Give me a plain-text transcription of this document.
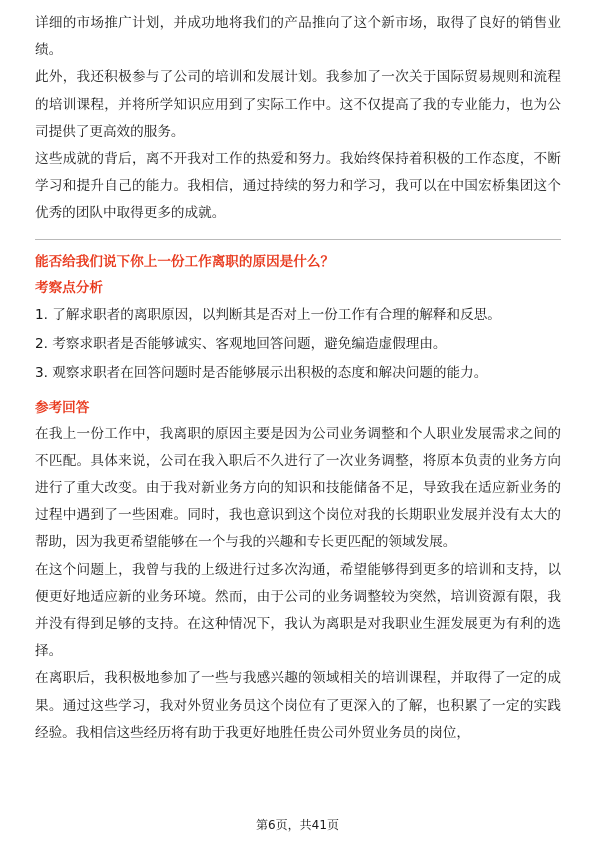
详细的市场推广计划，并成功地将我们的产品推向了这个新市场，取得了良好的销售业绩。

此外，我还积极参与了公司的培训和发展计划。我参加了一次关于国际贸易规则和流程的培训课程，并将所学知识应用到了实际工作中。这不仅提高了我的专业能力，也为公司提供了更高效的服务。

这些成就的背后，离不开我对工作的热爱和努力。我始终保持着积极的工作态度，不断学习和提升自己的能力。我相信，通过持续的努力和学习，我可以在中国宏桥集团这个优秀的团队中取得更多的成就。

能否给我们说下你上一份工作离职的原因是什么？

考察点分析

1. 了解求职者的离职原因，以判断其是否对上一份工作有合理的解释和反思。

2. 考察求职者是否能够诚实、客观地回答问题，避免编造虚假理由。

3. 观察求职者在回答问题时是否能够展示出积极的态度和解决问题的能力。

参考回答

在我上一份工作中，我离职的原因主要是因为公司业务调整和个人职业发展需求之间的不匹配。具体来说，公司在我入职后不久进行了一次业务调整，将原本负责的业务方向进行了重大改变。由于我对新业务方向的知识和技能储备不足，导致我在适应新业务的过程中遇到了一些困难。同时，我也意识到这个岗位对我的长期职业发展并没有太大的帮助，因为我更希望能够在一个与我的兴趣和专长更匹配的领域发展。

在这个问题上，我曾与我的上级进行过多次沟通，希望能够得到更多的培训和支持，以便更好地适应新的业务环境。然而，由于公司的业务调整较为突然，培训资源有限，我并没有得到足够的支持。在这种情况下，我认为离职是对我职业生涯发展更为有利的选择。

在离职后，我积极地参加了一些与我感兴趣的领域相关的培训课程，并取得了一定的成果。通过这些学习，我对外贸业务员这个岗位有了更深入的了解，也积累了一定的实践经验。我相信这些经历将有助于我更好地胜任贵公司外贸业务员的岗位，

第6页，共41页
